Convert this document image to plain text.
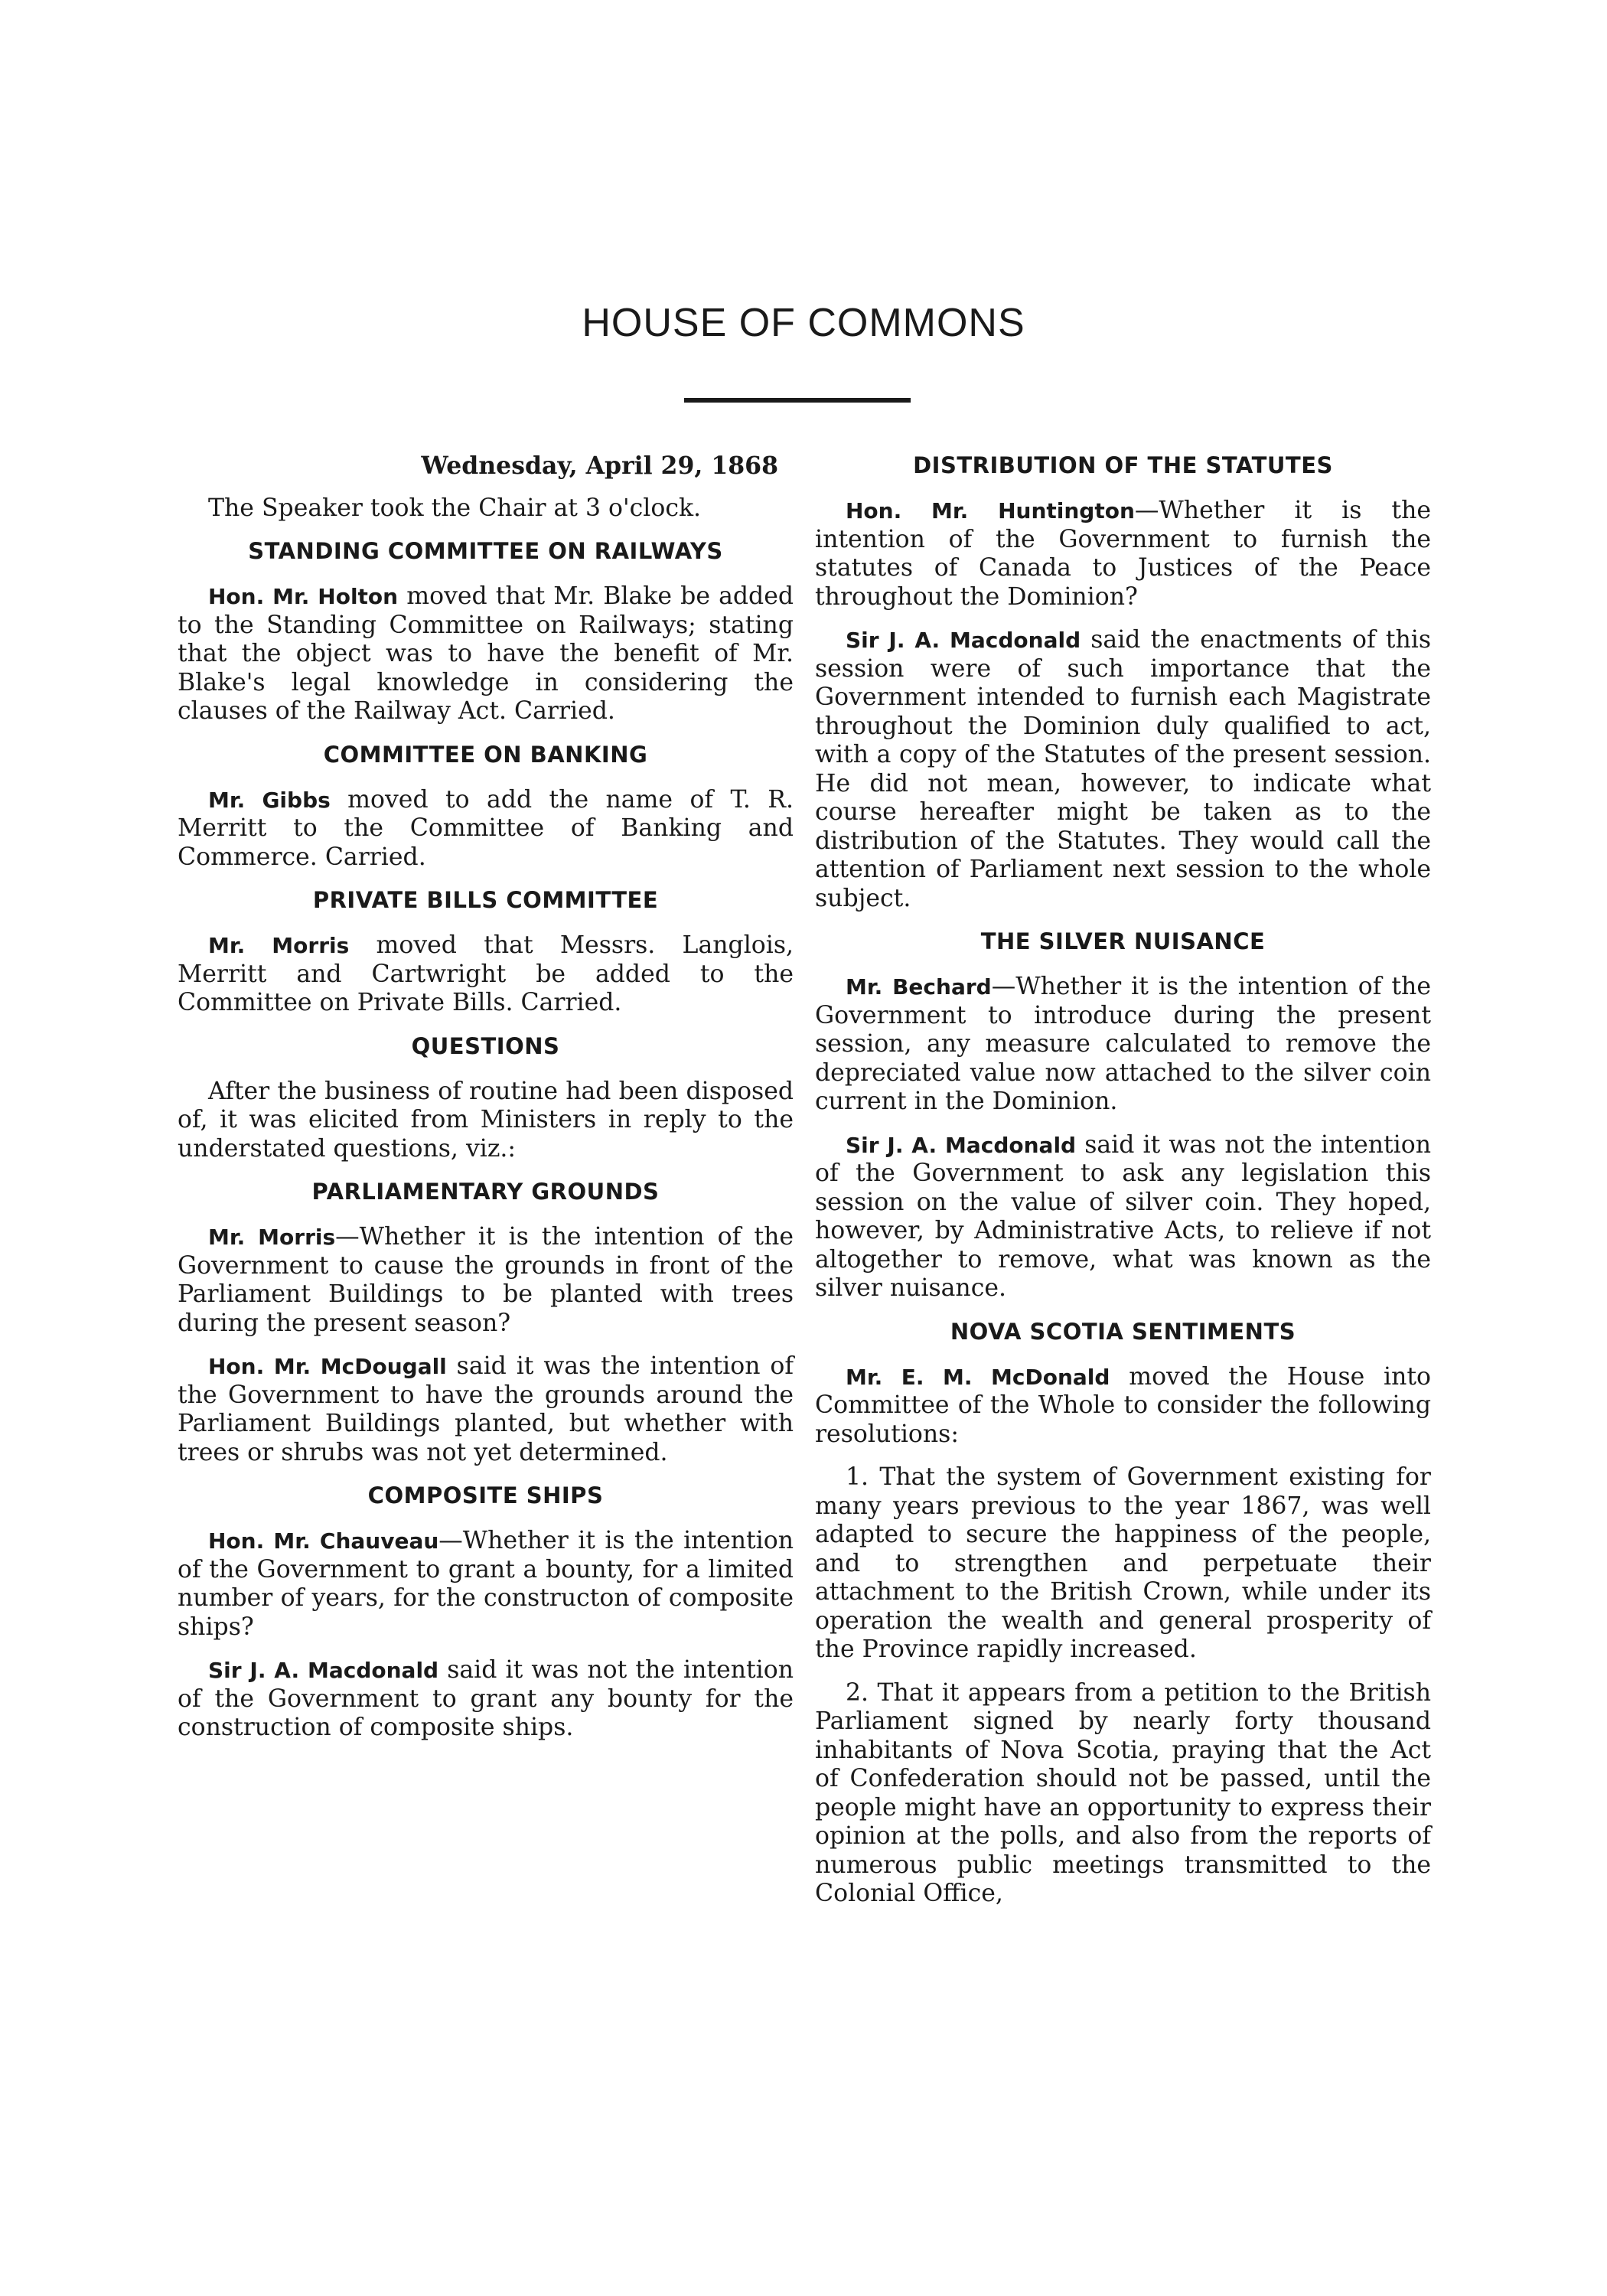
HOUSE OF COMMONS

Wednesday, April 29, 1868

The Speaker took the Chair at 3 o'clock.

STANDING COMMITTEE ON RAILWAYS

Hon. Mr. Holton moved that Mr. Blake be added to the Standing Committee on Railways; stating that the object was to have the benefit of Mr. Blake's legal knowledge in considering the clauses of the Railway Act. Carried.

COMMITTEE ON BANKING

Mr. Gibbs moved to add the name of T. R. Merritt to the Committee of Banking and Commerce. Carried.

PRIVATE BILLS COMMITTEE

Mr. Morris moved that Messrs. Langlois, Merritt and Cartwright be added to the Committee on Private Bills. Carried.

QUESTIONS

After the business of routine had been disposed of, it was elicited from Ministers in reply to the understated questions, viz.:

PARLIAMENTARY GROUNDS

Mr. Morris—Whether it is the intention of the Government to cause the grounds in front of the Parliament Buildings to be planted with trees during the present season?

Hon. Mr. McDougall said it was the intention of the Government to have the grounds around the Parliament Buildings planted, but whether with trees or shrubs was not yet determined.

COMPOSITE SHIPS

Hon. Mr. Chauveau—Whether it is the intention of the Government to grant a bounty, for a limited number of years, for the constructon of composite ships?

Sir J. A. Macdonald said it was not the intention of the Government to grant any bounty for the construction of composite ships.

DISTRIBUTION OF THE STATUTES

Hon. Mr. Huntington—Whether it is the intention of the Government to furnish the statutes of Canada to Justices of the Peace throughout the Dominion?

Sir J. A. Macdonald said the enactments of this session were of such importance that the Government intended to furnish each Magistrate throughout the Dominion duly qualified to act, with a copy of the Statutes of the present session. He did not mean, however, to indicate what course hereafter might be taken as to the distribution of the Statutes. They would call the attention of Parliament next session to the whole subject.

THE SILVER NUISANCE

Mr. Bechard—Whether it is the intention of the Government to introduce during the present session, any measure calculated to remove the depreciated value now attached to the silver coin current in the Dominion.

Sir J. A. Macdonald said it was not the intention of the Government to ask any legislation this session on the value of silver coin. They hoped, however, by Administrative Acts, to relieve if not altogether to remove, what was known as the silver nuisance.

NOVA SCOTIA SENTIMENTS

Mr. E. M. McDonald moved the House into Committee of the Whole to consider the following resolutions:

1. That the system of Government existing for many years previous to the year 1867, was well adapted to secure the happiness of the people, and to strengthen and perpetuate their attachment to the British Crown, while under its operation the wealth and general prosperity of the Province rapidly increased.

2. That it appears from a petition to the British Parliament signed by nearly forty thousand inhabitants of Nova Scotia, praying that the Act of Confederation should not be passed, until the people might have an opportunity to express their opinion at the polls, and also from the reports of numerous public meetings transmitted to the Colonial Office,
